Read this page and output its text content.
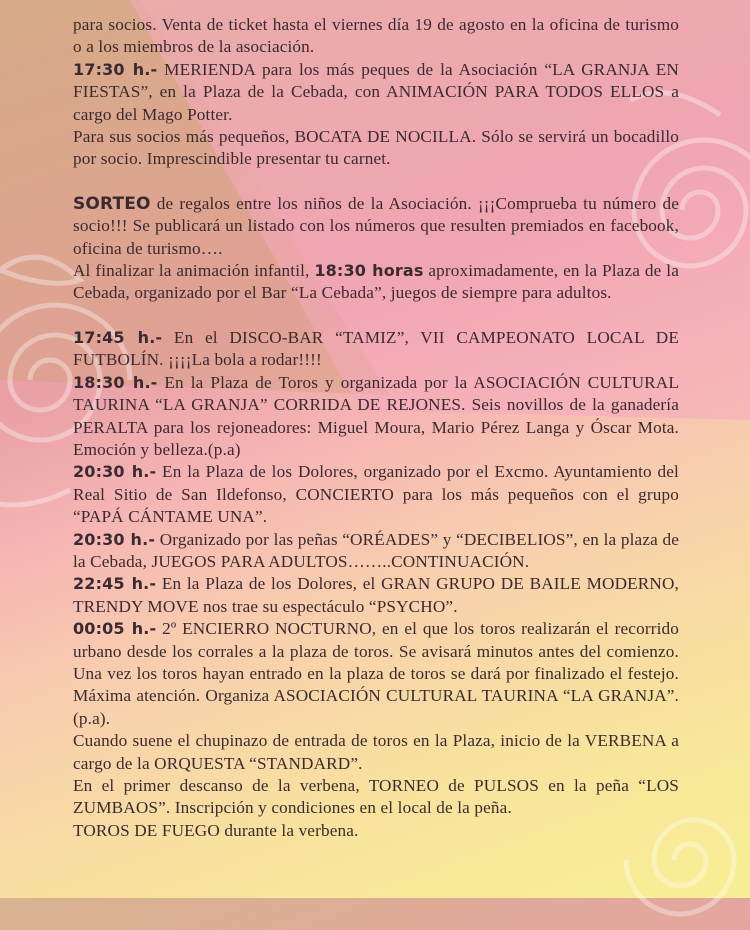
para socios. Venta de ticket hasta el viernes día 19 de agosto en la oficina de turismo o a los miembros de la asociación.

17:30 h.- MERIENDA para los más peques de la Asociación “LA GRANJA EN FIESTAS”, en la Plaza de la Cebada, con ANIMACIÓN PARA TODOS ELLOS a cargo del Mago Potter.

Para sus socios más pequeños, BOCATA DE NOCILLA. Sólo se servirá un bocadillo por socio. Imprescindible presentar tu carnet.

SORTEO de regalos entre los niños de la Asociación. ¡¡¡Comprueba tu número de socio!!! Se publicará un listado con los números que resulten premiados en facebook, oficina de turismo….

Al finalizar la animación infantil, 18:30 horas aproximadamente, en la Plaza de la Cebada, organizado por el Bar “La Cebada”, juegos de siempre para adultos.

17:45 h.- En el DISCO-BAR “TAMIZ”, VII CAMPEONATO LOCAL DE FUTBOLÍN. ¡¡¡¡La bola a rodar!!!!

18:30 h.- En la Plaza de Toros y organizada por la ASOCIACIÓN CULTURAL TAURINA “LA GRANJA” CORRIDA DE REJONES. Seis novillos de la ganadería PERALTA para los rejoneadores: Miguel Moura, Mario Pérez Langa y Óscar Mota. Emoción y belleza.(p.a)

20:30 h.- En la Plaza de los Dolores, organizado por el Excmo. Ayuntamiento del Real Sitio de San Ildefonso, CONCIERTO para los más pequeños con el grupo “PAPÁ CÁNTAME UNA”.

20:30 h.- Organizado por las peñas “ORÉADES” y “DECIBELIOS”, en la plaza de la Cebada, JUEGOS PARA ADULTOS……..CONTINUACIÓN.

22:45 h.- En la Plaza de los Dolores, el GRAN GRUPO DE BAILE MODERNO, TRENDY MOVE nos trae su espectáculo “PSYCHO”.

00:05 h.- 2º ENCIERRO NOCTURNO, en el que los toros realizarán el recorrido urbano desde los corrales a la plaza de toros. Se avisará minutos antes del comienzo. Una vez los toros hayan entrado en la plaza de toros se dará por finalizado el festejo. Máxima atención. Organiza ASOCIACIÓN CULTURAL TAURINA “LA GRANJA”. (p.a).

Cuando suene el chupinazo de entrada de toros en la Plaza, inicio de la VERBENA a cargo de la ORQUESTA “STANDARD”.

En el primer descanso de la verbena, TORNEO de PULSOS en la peña “LOS ZUMBAOS”. Inscripción y condiciones en el local de la peña.

TOROS DE FUEGO durante la verbena.
